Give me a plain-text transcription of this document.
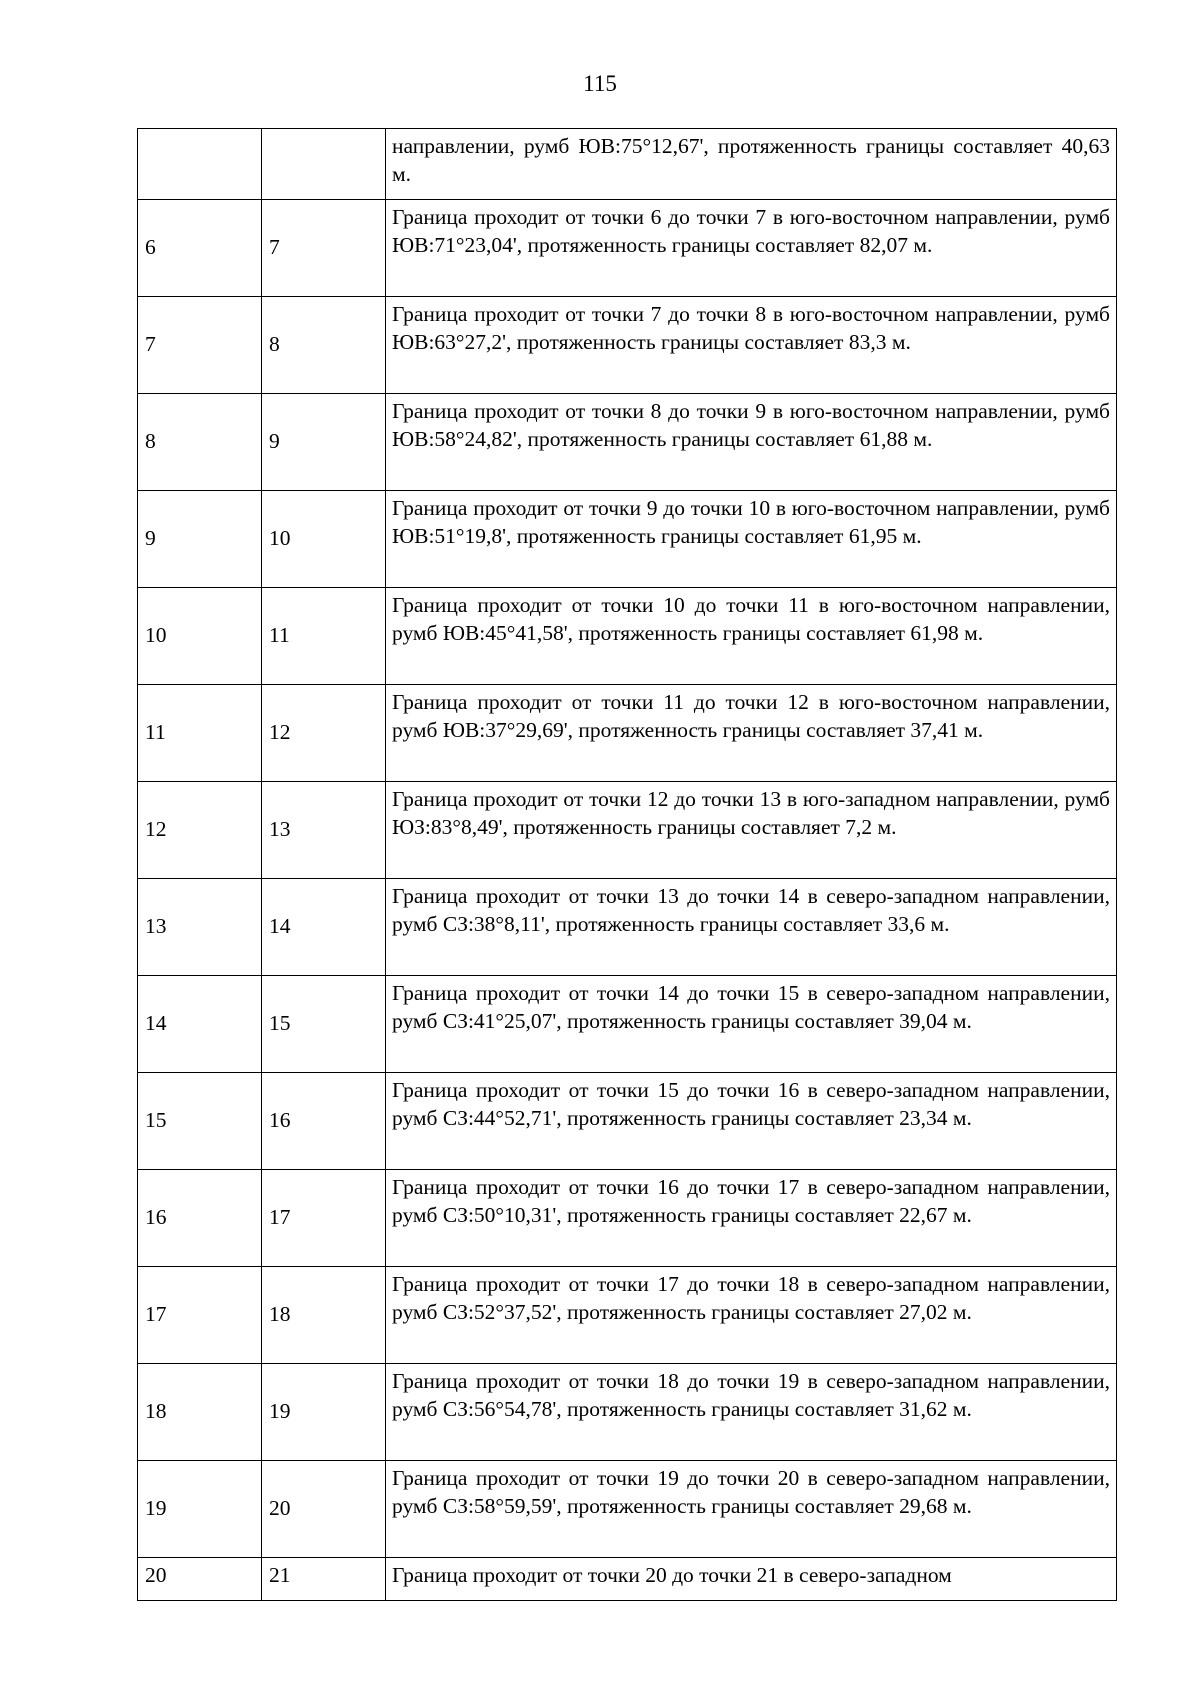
115
		направлении, румб ЮВ:75°12,67', протяженность границы составляет 40,63 м.
6	7	Граница проходит от точки 6 до точки 7 в юго-восточном направлении, румб ЮВ:71°23,04', протяженность границы составляет 82,07 м.
7	8	Граница проходит от точки 7 до точки 8 в юго-восточном направлении, румб ЮВ:63°27,2', протяженность границы составляет 83,3 м.
8	9	Граница проходит от точки 8 до точки 9 в юго-восточном направлении, румб ЮВ:58°24,82', протяженность границы составляет 61,88 м.
9	10	Граница проходит от точки 9 до точки 10 в юго-восточном направлении, румб ЮВ:51°19,8', протяженность границы составляет 61,95 м.
10	11	Граница проходит от точки 10 до точки 11 в юго-восточном направлении, румб ЮВ:45°41,58', протяженность границы составляет 61,98 м.
11	12	Граница проходит от точки 11 до точки 12 в юго-восточном направлении, румб ЮВ:37°29,69', протяженность границы составляет 37,41 м.
12	13	Граница проходит от точки 12 до точки 13 в юго-западном направлении, румб ЮЗ:83°8,49', протяженность границы составляет 7,2 м.
13	14	Граница проходит от точки 13 до точки 14 в северо-западном направлении, румб СЗ:38°8,11', протяженность границы составляет 33,6 м.
14	15	Граница проходит от точки 14 до точки 15 в северо-западном направлении, румб СЗ:41°25,07', протяженность границы составляет 39,04 м.
15	16	Граница проходит от точки 15 до точки 16 в северо-западном направлении, румб СЗ:44°52,71', протяженность границы составляет 23,34 м.
16	17	Граница проходит от точки 16 до точки 17 в северо-западном направлении, румб СЗ:50°10,31', протяженность границы составляет 22,67 м.
17	18	Граница проходит от точки 17 до точки 18 в северо-западном направлении, румб СЗ:52°37,52', протяженность границы составляет 27,02 м.
18	19	Граница проходит от точки 18 до точки 19 в северо-западном направлении, румб СЗ:56°54,78', протяженность границы составляет 31,62 м.
19	20	Граница проходит от точки 19 до точки 20 в северо-западном направлении, румб СЗ:58°59,59', протяженность границы составляет 29,68 м.
20	21	Граница проходит от точки 20 до точки 21 в северо-западном
